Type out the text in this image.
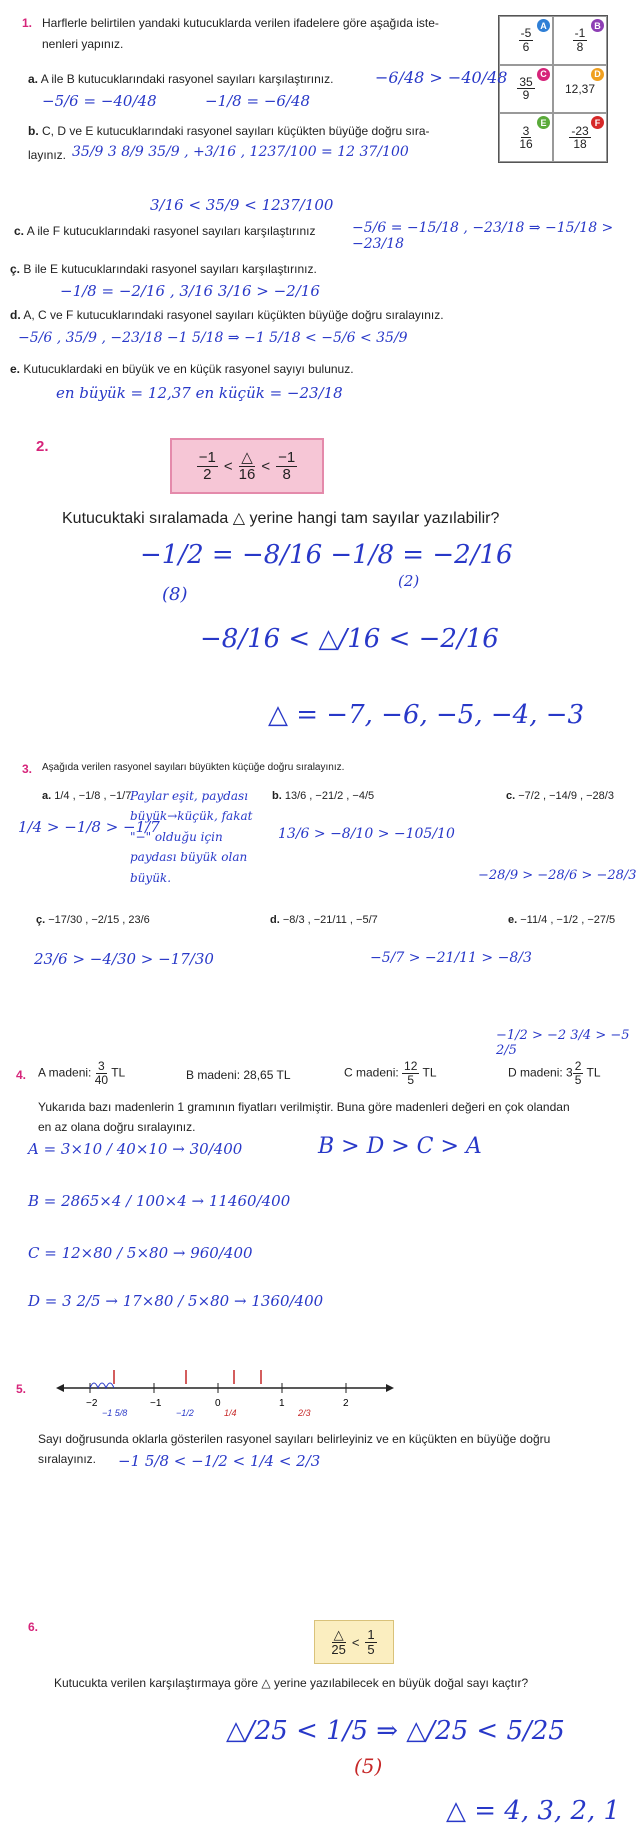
1. Harflerle belirtilen yandaki kutucuklarda verilen ifadelere göre aşağıda iste-
nenleri yapınız.
A
$\frac{-5}{6}$
B
$\frac{-1}{8}$
C
$\frac{35}{9}$
D
12,37
E
$\frac{3}{16}$
F
$\frac{-23}{18}$
a. A ile B kutucuklarındaki rasyonel sayıları karşılaştırınız.	−6/48 > −40/48
−5/6 = −40/48	−1/8 = −6/48
b. C, D ve E kutucuklarındaki rasyonel sayıları küçükten büyüğe doğru sıra-
layınız. 35/9 3 8/9 35/9 , +3/16 , 1237/100 = 12 37/100
3/16 < 35/9 < 1237/100
c. A ile F kutucuklarındaki rasyonel sayıları karşılaştırınız	−5/6 = −15/18 , −23/18 ⇒ −15/18 > −23/18
ç. B ile E kutucuklarındaki rasyonel sayıları karşılaştırınız.
−1/8 = −2/16 , 3/16 3/16 > −2/16
d. A, C ve F kutucuklarındaki rasyonel sayıları küçükten büyüğe doğru sıralayınız.
−5/6 , 35/9 , −23/18 −1 5/18 ⇒ −1 5/18 < −5/6 < 35/9
e. Kutucuklardaki en büyük ve en küçük rasyonel sayıyı bulunuz.
en büyük = 12,37 en küçük = −23/18
2.
$\frac{-1}{2} < \frac{\triangle}{16} < \frac{-1}{8}$
Kutucuktaki sıralamada △ yerine hangi tam sayılar yazılabilir?
−1/2 = −8/16 −1/8 = −2/16
(8)
(2)
−8/16 < △/16 < −2/16
△ = −7, −6, −5, −4, −3
3. Aşağıda verilen rasyonel sayıları büyükten küçüğe doğru sıralayınız.
a. 1/4 , −1/8 , −1/7
1/4 > −1/8 > −1/7
Paylar eşit, paydası büyük→küçük, fakat "−" olduğu için paydası büyük olan büyük.
b. 13/6 , −21/2 , −4/5
13/6 > −8/10 > −105/10
c. −7/2 , −14/9 , −28/3
−28/9 > −28/6 > −28/3
ç. −17/30 , −2/15 , 23/6
23/6 > −4/30 > −17/30
d. −8/3 , −21/11 , −5/7
−5/7 > −21/11 > −8/3
e. −11/4 , −1/2 , −27/5
−1/2 > −2 3/4 > −5 2/5
4. A madeni: $\frac{3}{40}$ TL	B madeni: 28,65 TL	C madeni: $\frac{12}{5}$ TL	D madeni: $3 \frac{2}{5}$ TL
Yukarıda bazı madenlerin 1 gramının fiyatları verilmiştir. Buna göre madenleri değeri en çok olandan
en az olana doğru sıralayınız.
B > D > C > A
A = 3×10 / 40×10 → 30/400
B = 2865×4 / 100×4 → 11460/400
C = 12×80 / 5×80 → 960/400
D = 3 2/5 → 17×80 / 5×80 → 1360/400
5.
−2	−1	0	1	2
−1 5/8	−1/2	1/4	2/3
Sayı doğrusunda oklarla gösterilen rasyonel sayıları belirleyiniz ve en küçükten en büyüğe doğru
sıralayınız.	−1 5/8 < −1/2 < 1/4 < 2/3
6.
$\frac{\triangle}{25} < \frac{1}{5}$
Kutucukta verilen karşılaştırmaya göre △ yerine yazılabilecek en büyük doğal sayı kaçtır?
△/25 < 1/5 ⇒ △/25 < 5/25
(5)
△ = 4, 3, 2, 1
